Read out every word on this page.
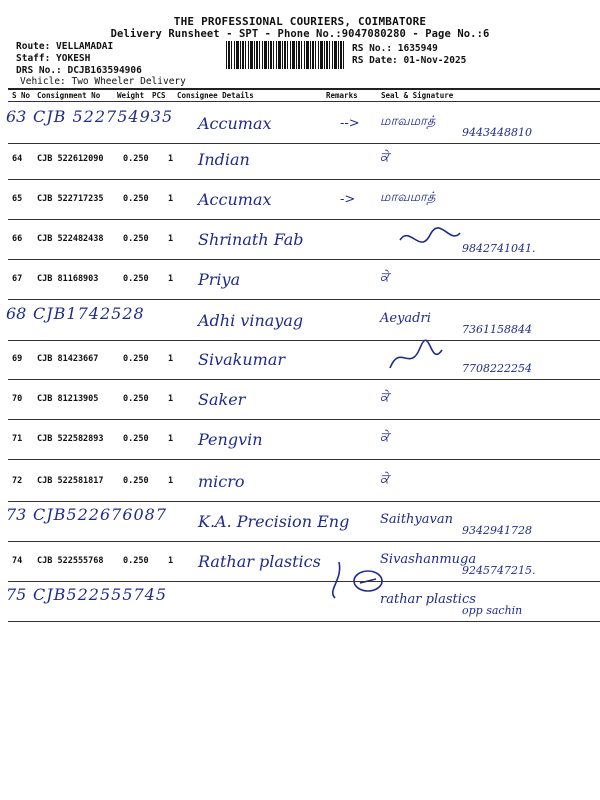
THE PROFESSIONAL COURIERS, COIMBATORE
Delivery Runsheet - SPT - Phone No.:9047080280 - Page No.:6
Route: VELLAMADAI
Staff: YOKESH
DRS No.: DCJB163594906
Vehicle: Two Wheeler Delivery
RS No.: 1635949
RS Date: 01-Nov-2025
S No Consignment No Weight PCS Consignee Details	Remarks	Seal & Signature
63 CJB 522754935 Accumax	--> மாவமாத்
9443448810
64 CJB 522612090 0.250 1 Indian	ਕੇ
65 CJB 522717235 0.250 1 Accumax	-> மாவமாத்
66 CJB 522482438 0.250 1 Shrinath Fab	9842741041.
67 CJB 81168903	0.250 1 Priya	ਕੇ
68 CJB1742528	Adhi vinayag	Aeyadri
7361158844
69 CJB 81423667	0.250 1 Sivakumar	7708222254
70 CJB 81213905	0.250 1 Saker	ਕੇ
71 CJB 522582893 0.250 1 Pengvin	ਕੇ
72 CJB 522581817 0.250 1 micro	ਕੇ
73 CJB522676087 K.A. Precision Eng Saithyavan
9342941728
74 CJB 522555768 0.250 1 Rathar plastics	Sivashanmuga
9245747215.
75 CJB522555745	rathar plastics
opp sachin
